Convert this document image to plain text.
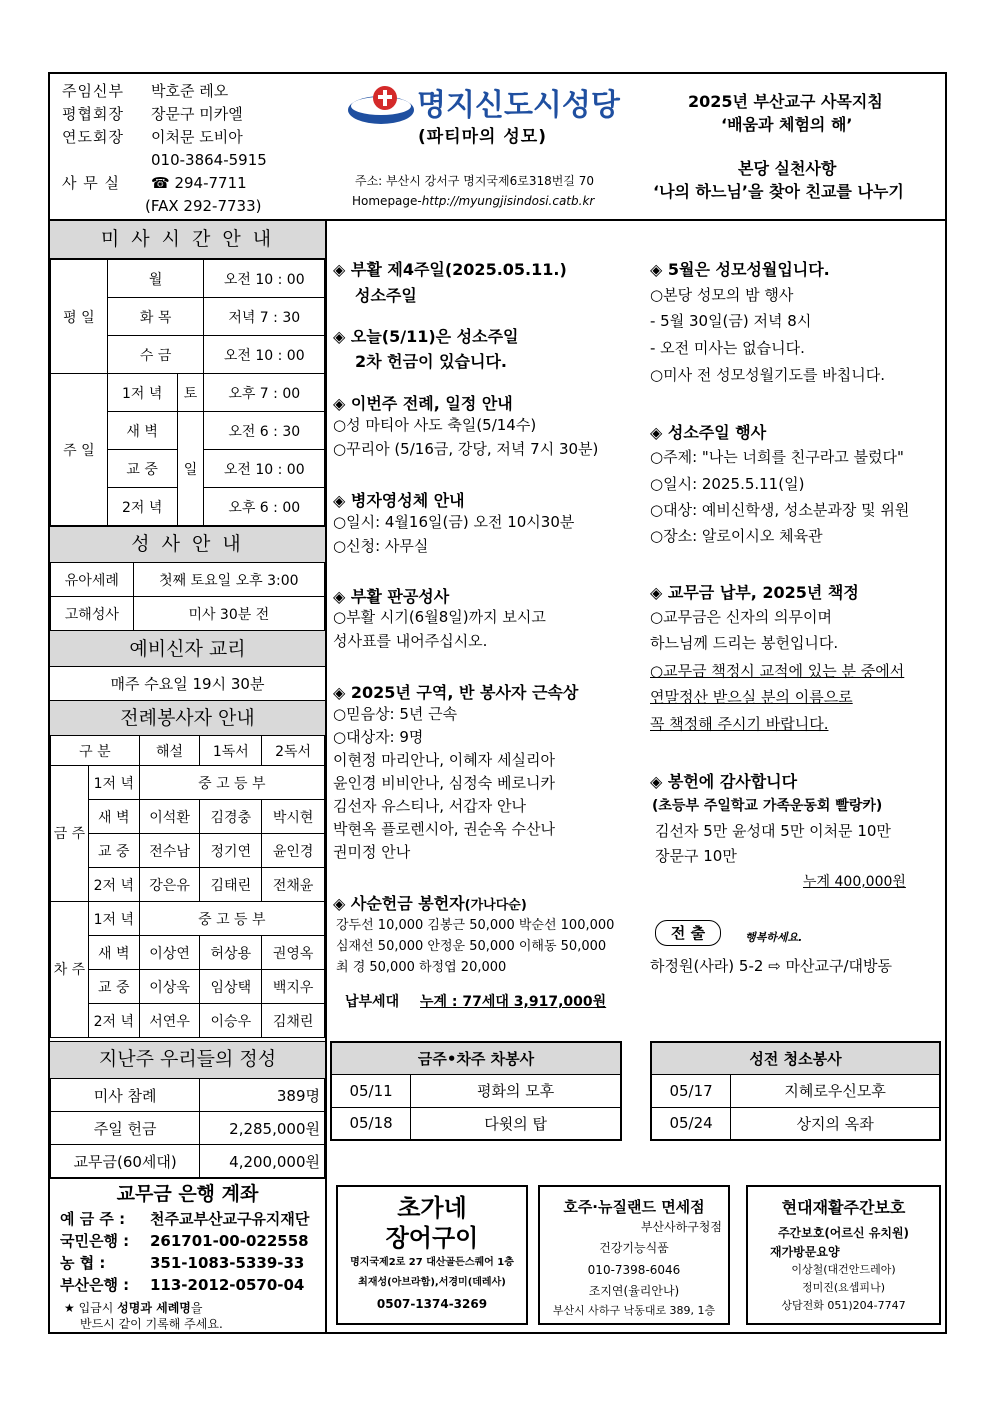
주임신부 박호준 레오
평협회장 장문구 미카엘
연도회장 이처문 도비아
010-3864-5915
사 무 실 ☎ 294-7711
(FAX 292-7733)
명지신도시성당
(파티마의 성모)
주소: 부산시 강서구 명지국제6로318번길 70
Homepage-http://myungjisindosi.catb.kr
2025년 부산교구 사목지침
‘배움과 체험의 해’
본당 실천사항
‘나의 하느님’을 찾아 친교를 나누기
미 사 시 간 안 내
평 일	월		오전 10 : 00
	화 목		저녁 7 : 30
	수 금		오전 10 : 00
주 일	1저 녁	토	오후 7 : 00
	새 벽	일	오전 6 : 30
	교 중		오전 10 : 00
	2저 녁		오후 6 : 00
성 사 안 내
유아세례	첫째 토요일 오후 3:00
고해성사	미사 30분 전
예비신자 교리
매주 수요일 19시 30분
전례봉사자 안내
구 분		해설	1독서	2독서
금 주	1저 녁	중 고 등 부		
	새 벽	이석환	김경충	박시현
	교 중	전수남	정기연	윤인경
	2저 녁	강은유	김태린	전채윤
차 주	1저 녁	중 고 등 부		
	새 벽	이상연	허상용	권영옥
	교 중	이상욱	임상택	백지우
	2저 녁	서연우	이승우	김채린
지난주 우리들의 정성
미사 참례	389명
주일 헌금	2,285,000원
교무금(60세대)	4,200,000원
교무금 은행 계좌
예 금 주 : 천주교부산교구유지재단
국민은행 : 261701-00-022558
농 협 :	351-1083-5339-33
부산은행 : 113-2012-0570-04
★ 입금시 성명과 세례명을
반드시 같이 기록해 주세요.
◈ 부활 제4주일(2025.05.11.)
성소주일
◈ 오늘(5/11)은 성소주일
2차 헌금이 있습니다.
◈ 이번주 전례, 일정 안내
○성 마티아 사도 축일(5/14수)
○꾸리아 (5/16금, 강당, 저녁 7시 30분)
◈ 병자영성체 안내
○일시: 4월16일(금) 오전 10시30분
○신청: 사무실
◈ 부활 판공성사
○부활 시기(6월8일)까지 보시고
성사표를 내어주십시오.
◈ 2025년 구역, 반 봉사자 근속상
○믿음상: 5년 근속
○대상자: 9명
이현정 마리안나, 이혜자 세실리아
윤인경 비비안나, 심정숙 베로니카
김선자 유스티나, 서갑자 안나
박현옥 플로렌시아, 권순옥 수산나
권미정 안나
◈ 사순헌금 봉헌자(가나다순)
강두선 10,000 김봉근 50,000 박순선 100,000
심재선 50,000 안정운 50,000 이해동 50,000
최 경 50,000 하정엽 20,000
납부세대 누계 : 77세대 3,917,000원
◈ 5월은 성모성월입니다.
○본당 성모의 밤 행사
- 5월 30일(금) 저녁 8시
- 오전 미사는 없습니다.
○미사 전 성모성월기도를 바칩니다.
◈ 성소주일 행사
○주제: "나는 너희를 친구라고 불렀다"
○일시: 2025.5.11(일)
○대상: 예비신학생, 성소분과장 및 위원
○장소: 알로이시오 체육관
◈ 교무금 납부, 2025년 책정
○교무금은 신자의 의무이며
하느님께 드리는 봉헌입니다.
○교무금 책정시 교적에 있는 분 중에서
연말정산 받으실 분의 이름으로
꼭 책정해 주시기 바랍니다.
◈ 봉헌에 감사합니다
(초등부 주일학교 가족운동회 빨랑카)
김선자 5만 윤성대 5만 이처문 10만
장문구 10만
누계 400,000원
전 출	행복하세요.
하정원(사라) 5-2 ⇨ 마산교구/대방동
금주•차주 차봉사	
05/11	평화의 모후
05/18	다윗의 탑
성전 청소봉사	
05/17	지혜로우신모후
05/24	상지의 옥좌
초가네
장어구이
명지국제2로 27 대산골든스퀘어 1층
최재성(아브라함),서경미(데레사)
0507-1374-3269
호주·뉴질랜드 면세점
부산사하구청점
건강기능식품
010-7398-6046
조지연(율리안나)
부산시 사하구 낙동대로 389, 1층
현대재활주간보호
주간보호(어르신 유치원)
재가방문요양
이상철(대건안드레아)
정미진(요셉피나)
상담전화 051)204-7747
